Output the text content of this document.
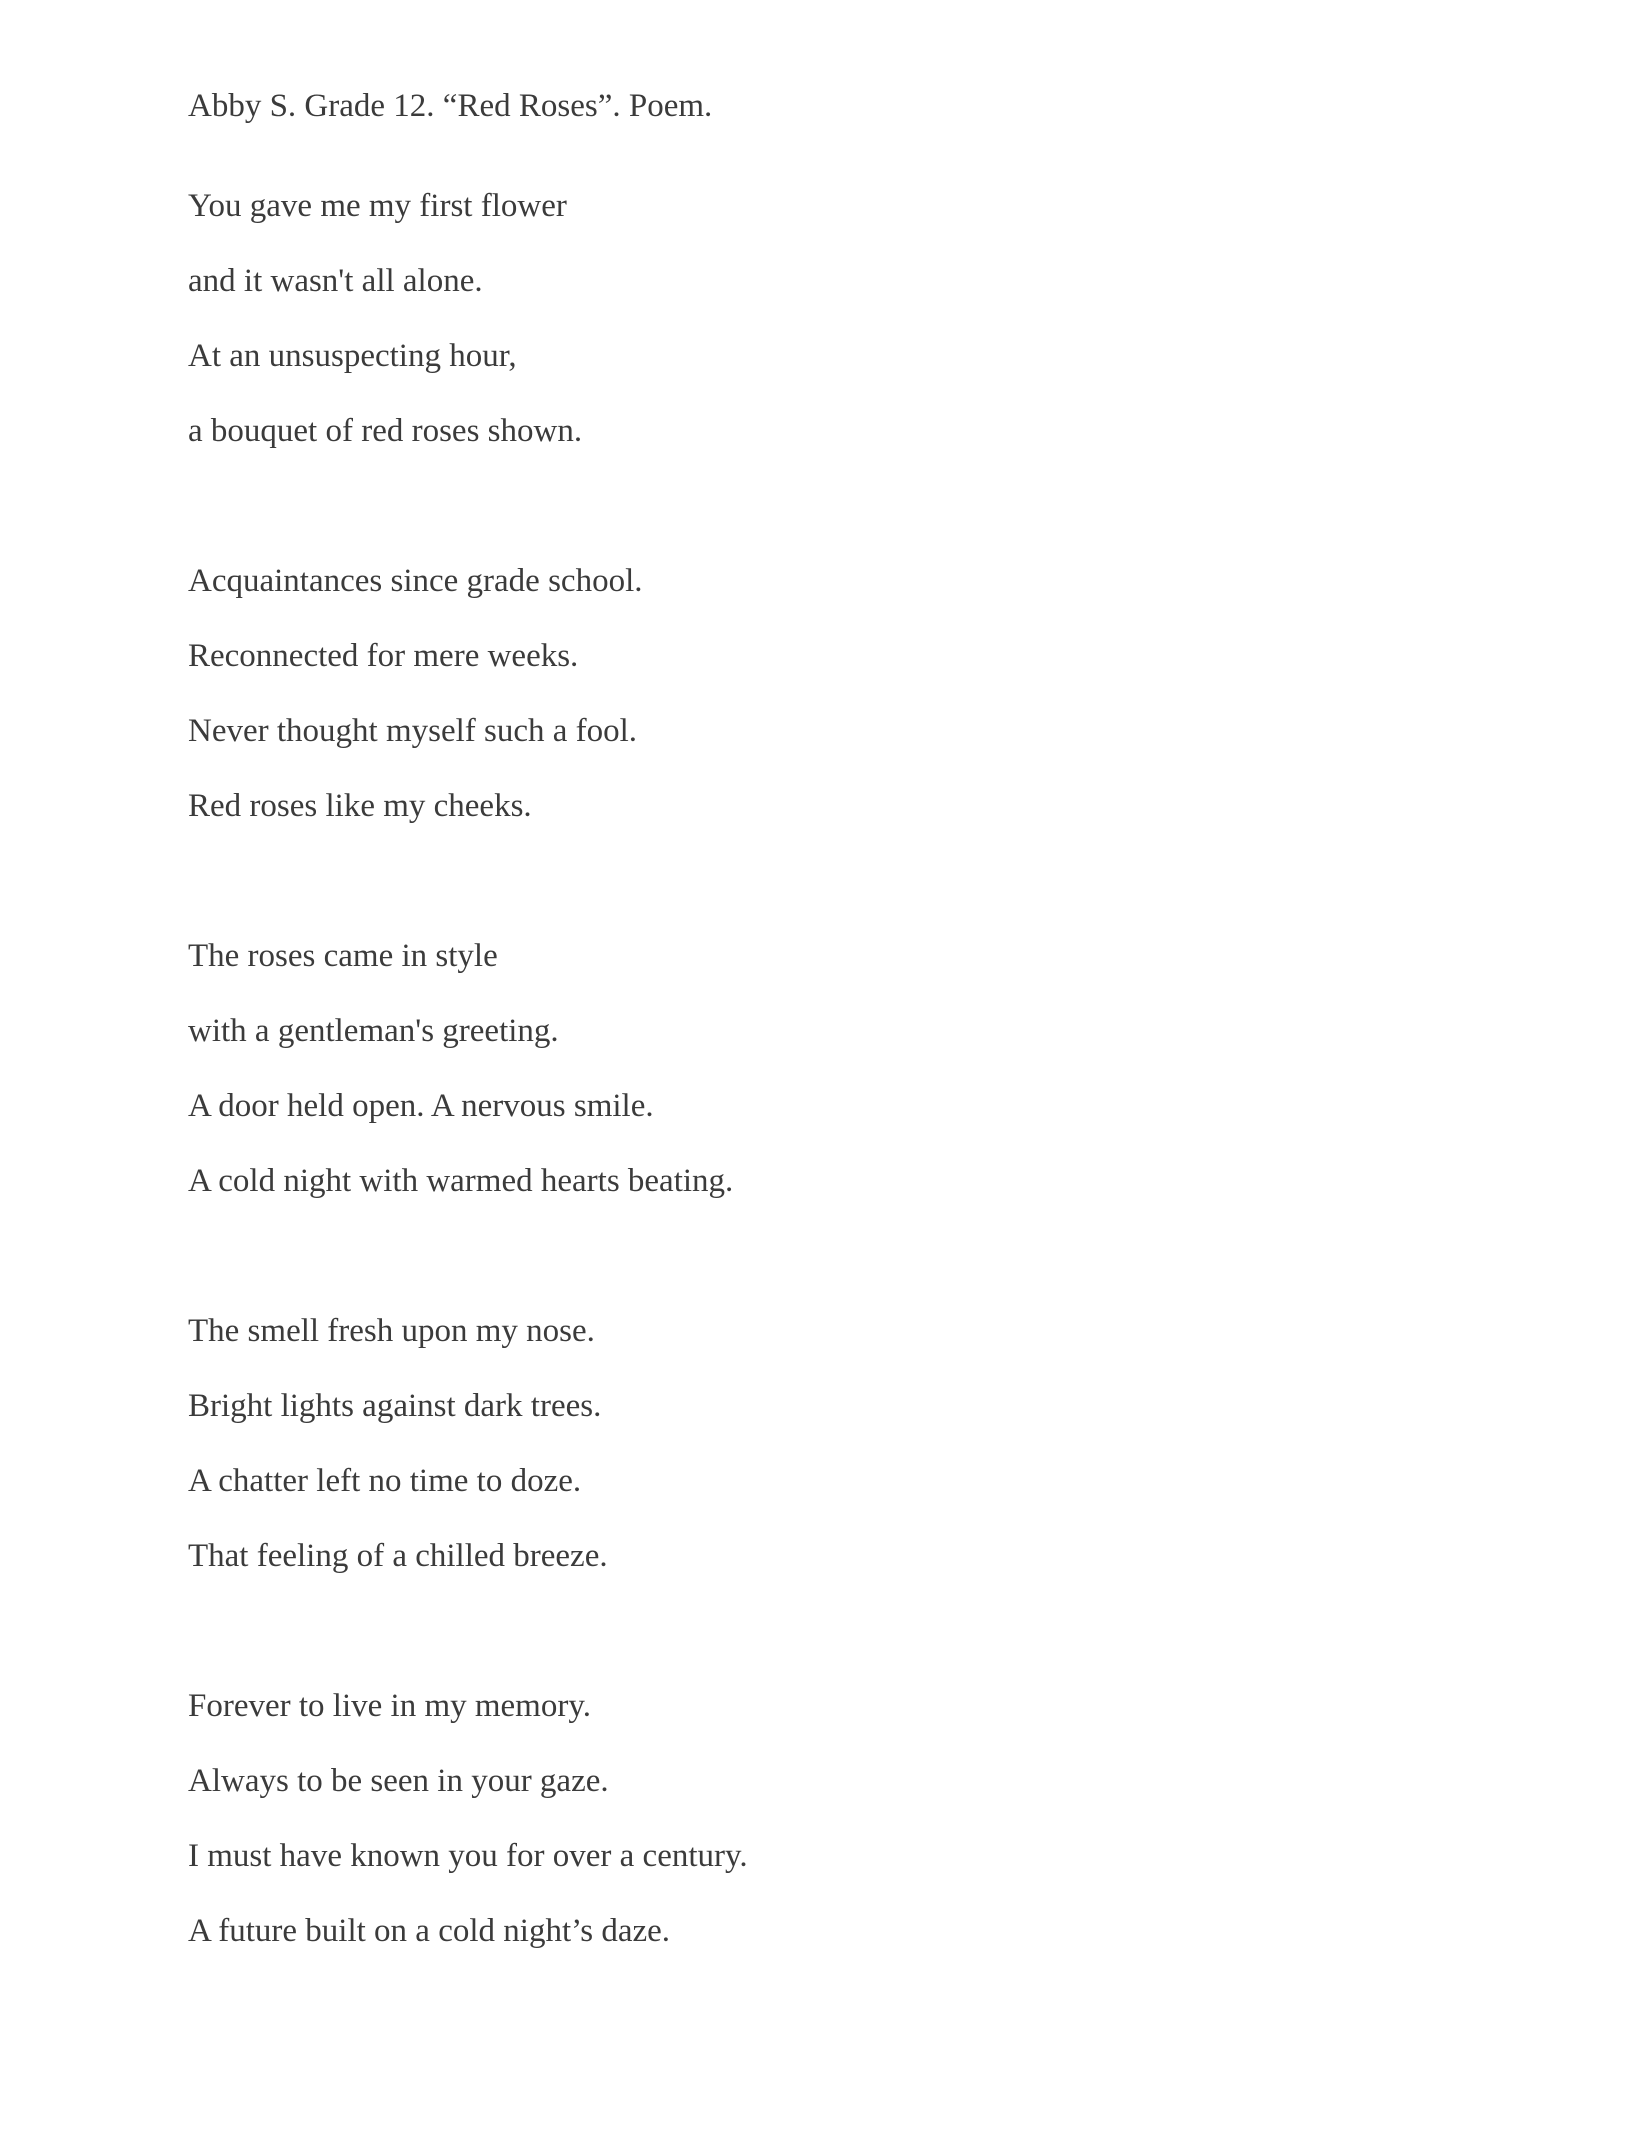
Abby S. Grade 12. “Red Roses”. Poem.

You gave me my first flower

and it wasn't all alone.

At an unsuspecting hour,

a bouquet of red roses shown.

Acquaintances since grade school.

Reconnected for mere weeks.

Never thought myself such a fool.

Red roses like my cheeks.

The roses came in style

with a gentleman's greeting.

A door held open. A nervous smile.

A cold night with warmed hearts beating.

The smell fresh upon my nose.

Bright lights against dark trees.

A chatter left no time to doze.

That feeling of a chilled breeze.

Forever to live in my memory.

Always to be seen in your gaze.

I must have known you for over a century.

A future built on a cold night’s daze.
